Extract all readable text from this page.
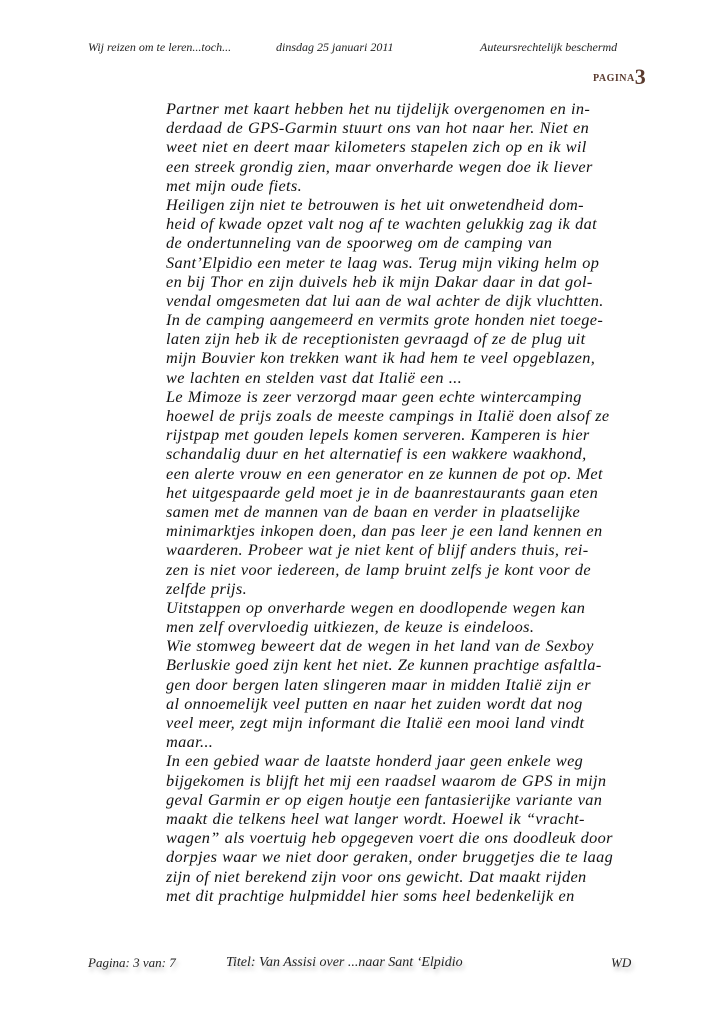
Wij reizen om te leren...toch...	dinsdag 25 januari 2011	Auteursrechtelijk beschermd
PAGINA3
Partner met kaart hebben het nu tijdelijk overgenomen en in-
derdaad de GPS-Garmin stuurt ons van hot naar her. Niet en
weet niet en deert maar kilometers stapelen zich op en ik wil
een streek grondig zien, maar onverharde wegen doe ik liever
met mijn oude fiets.
Heiligen zijn niet te betrouwen is het uit onwetendheid dom-
heid of kwade opzet valt nog af te wachten gelukkig zag ik dat
de ondertunneling van de spoorweg om de camping van
Sant’Elpidio een meter te laag was. Terug mijn viking helm op
en bij Thor en zijn duivels heb ik mijn Dakar daar in dat gol-
vendal omgesmeten dat lui aan de wal achter de dijk vluchtten.
In de camping aangemeerd en vermits grote honden niet toege-
laten zijn heb ik de receptionisten gevraagd of ze de plug uit
mijn Bouvier kon trekken want ik had hem te veel opgeblazen,
we lachten en stelden vast dat Italië een ...
Le Mimoze is zeer verzorgd maar geen echte wintercamping
hoewel de prijs zoals de meeste campings in Italië doen alsof ze
rijstpap met gouden lepels komen serveren. Kamperen is hier
schandalig duur en het alternatief is een wakkere waakhond,
een alerte vrouw en een generator en ze kunnen de pot op. Met
het uitgespaarde geld moet je in de baanrestaurants gaan eten
samen met de mannen van de baan en verder in plaatselijke
minimarktjes inkopen doen, dan pas leer je een land kennen en
waarderen. Probeer wat je niet kent of blijf anders thuis, rei-
zen is niet voor iedereen, de lamp bruint zelfs je kont voor de
zelfde prijs.
Uitstappen op onverharde wegen en doodlopende wegen kan
men zelf overvloedig uitkiezen, de keuze is eindeloos.
Wie stomweg beweert dat de wegen in het land van de Sexboy
Berluskie goed zijn kent het niet. Ze kunnen prachtige asfaltla-
gen door bergen laten slingeren maar in midden Italië zijn er
al onnoemelijk veel putten en naar het zuiden wordt dat nog
veel meer, zegt mijn informant die Italië een mooi land vindt
maar...
In een gebied waar de laatste honderd jaar geen enkele weg
bijgekomen is blijft het mij een raadsel waarom de GPS in mijn
geval Garmin er op eigen houtje een fantasierijke variante van
maakt die telkens heel wat langer wordt. Hoewel ik “vracht-
wagen” als voertuig heb opgegeven voert die ons doodleuk door
dorpjes waar we niet door geraken, onder bruggetjes die te laag
zijn of niet berekend zijn voor ons gewicht. Dat maakt rijden
met dit prachtige hulpmiddel hier soms heel bedenkelijk en
Pagina: 3 van: 7	Titel: Van Assisi over ...naar Sant ‘Elpidio	WD
